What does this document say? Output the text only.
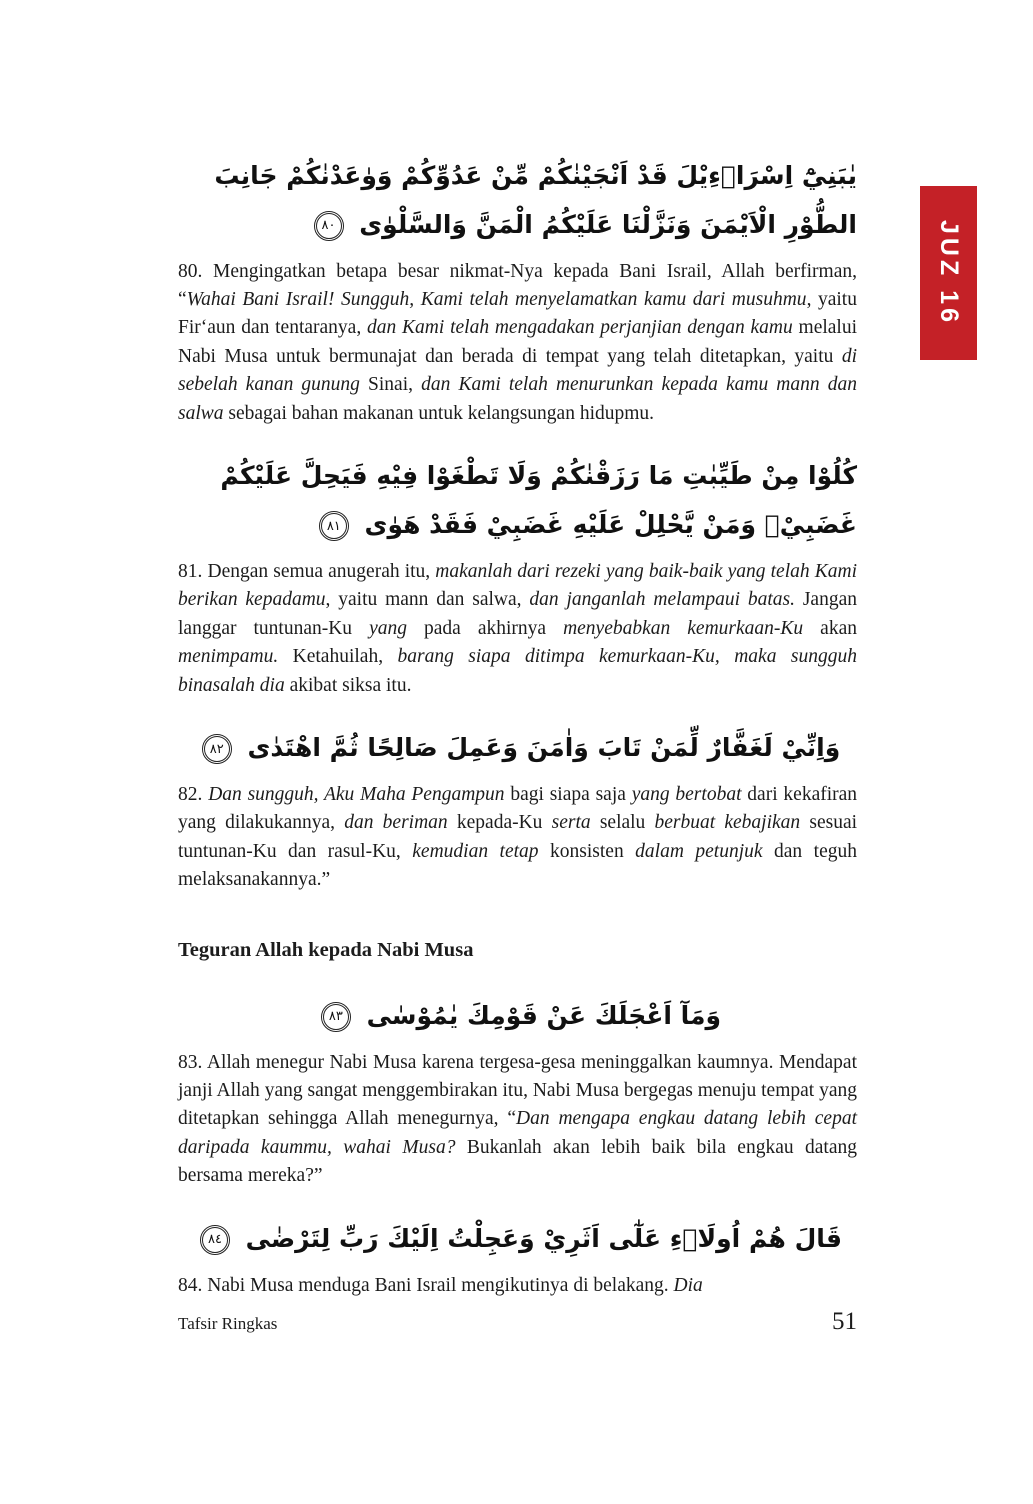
JUZ 16
يٰبَنِيْٓ اِسْرَاۤءِيْلَ قَدْ اَنْجَيْنٰكُمْ مِّنْ عَدُوِّكُمْ وَوٰعَدْنٰكُمْ جَانِبَ الطُّوْرِ الْاَيْمَنَ وَنَزَّلْنَا عَلَيْكُمُ الْمَنَّ وَالسَّلْوٰى
٨٠

80. Mengingatkan betapa besar nikmat-Nya kepada Bani Israil, Allah berfirman, “Wahai Bani Israil! Sungguh, Kami telah menyelamatkan kamu dari musuhmu, yaitu Fir‘aun dan tentaranya, dan Kami telah mengadakan perjanjian dengan kamu melalui Nabi Musa untuk bermunajat dan berada di tempat yang telah ditetapkan, yaitu di sebelah kanan gunung Sinai, dan Kami telah menurunkan kepada kamu mann dan salwa sebagai bahan makanan untuk kelangsungan hidupmu.

كُلُوْا مِنْ طَيِّبٰتِ مَا رَزَقْنٰكُمْ وَلَا تَطْغَوْا فِيْهِ فَيَحِلَّ عَلَيْكُمْ غَضَبِيْۚ وَمَنْ يَّحْلِلْ عَلَيْهِ غَضَبِيْ فَقَدْ هَوٰى
٨١

81. Dengan semua anugerah itu, makanlah dari rezeki yang baik-baik yang telah Kami berikan kepadamu, yaitu mann dan salwa, dan janganlah melampaui batas. Jangan langgar tuntunan-Ku yang pada akhirnya menyebabkan kemurkaan-Ku akan menimpamu. Ketahuilah, barang siapa ditimpa kemurkaan-Ku, maka sungguh binasalah dia akibat siksa itu.

وَاِنِّيْ لَغَفَّارٌ لِّمَنْ تَابَ وَاٰمَنَ وَعَمِلَ صَالِحًا ثُمَّ اهْتَدٰى
٨٢

82. Dan sungguh, Aku Maha Pengampun bagi siapa saja yang bertobat dari kekafiran yang dilakukannya, dan beriman kepada-Ku serta selalu berbuat kebajikan sesuai tuntunan-Ku dan rasul-Ku, kemudian tetap konsisten dalam petunjuk dan teguh melaksanakannya.”

Teguran Allah kepada Nabi Musa
وَمَآ اَعْجَلَكَ عَنْ قَوْمِكَ يٰمُوْسٰى
٨٣

83. Allah menegur Nabi Musa karena tergesa-gesa meninggalkan kaumnya. Mendapat janji Allah yang sangat menggembirakan itu, Nabi Musa bergegas menuju tempat yang ditetapkan sehingga Allah menegurnya, “Dan mengapa engkau datang lebih cepat daripada kaummu, wahai Musa? Bukanlah akan lebih baik bila engkau datang bersama mereka?”

قَالَ هُمْ اُولَاۤءِ عَلٰٓى اَثَرِيْ وَعَجِلْتُ اِلَيْكَ رَبِّ لِتَرْضٰى
٨٤

84. Nabi Musa menduga Bani Israil mengikutinya di belakang. Dia

Tafsir Ringkas	51
